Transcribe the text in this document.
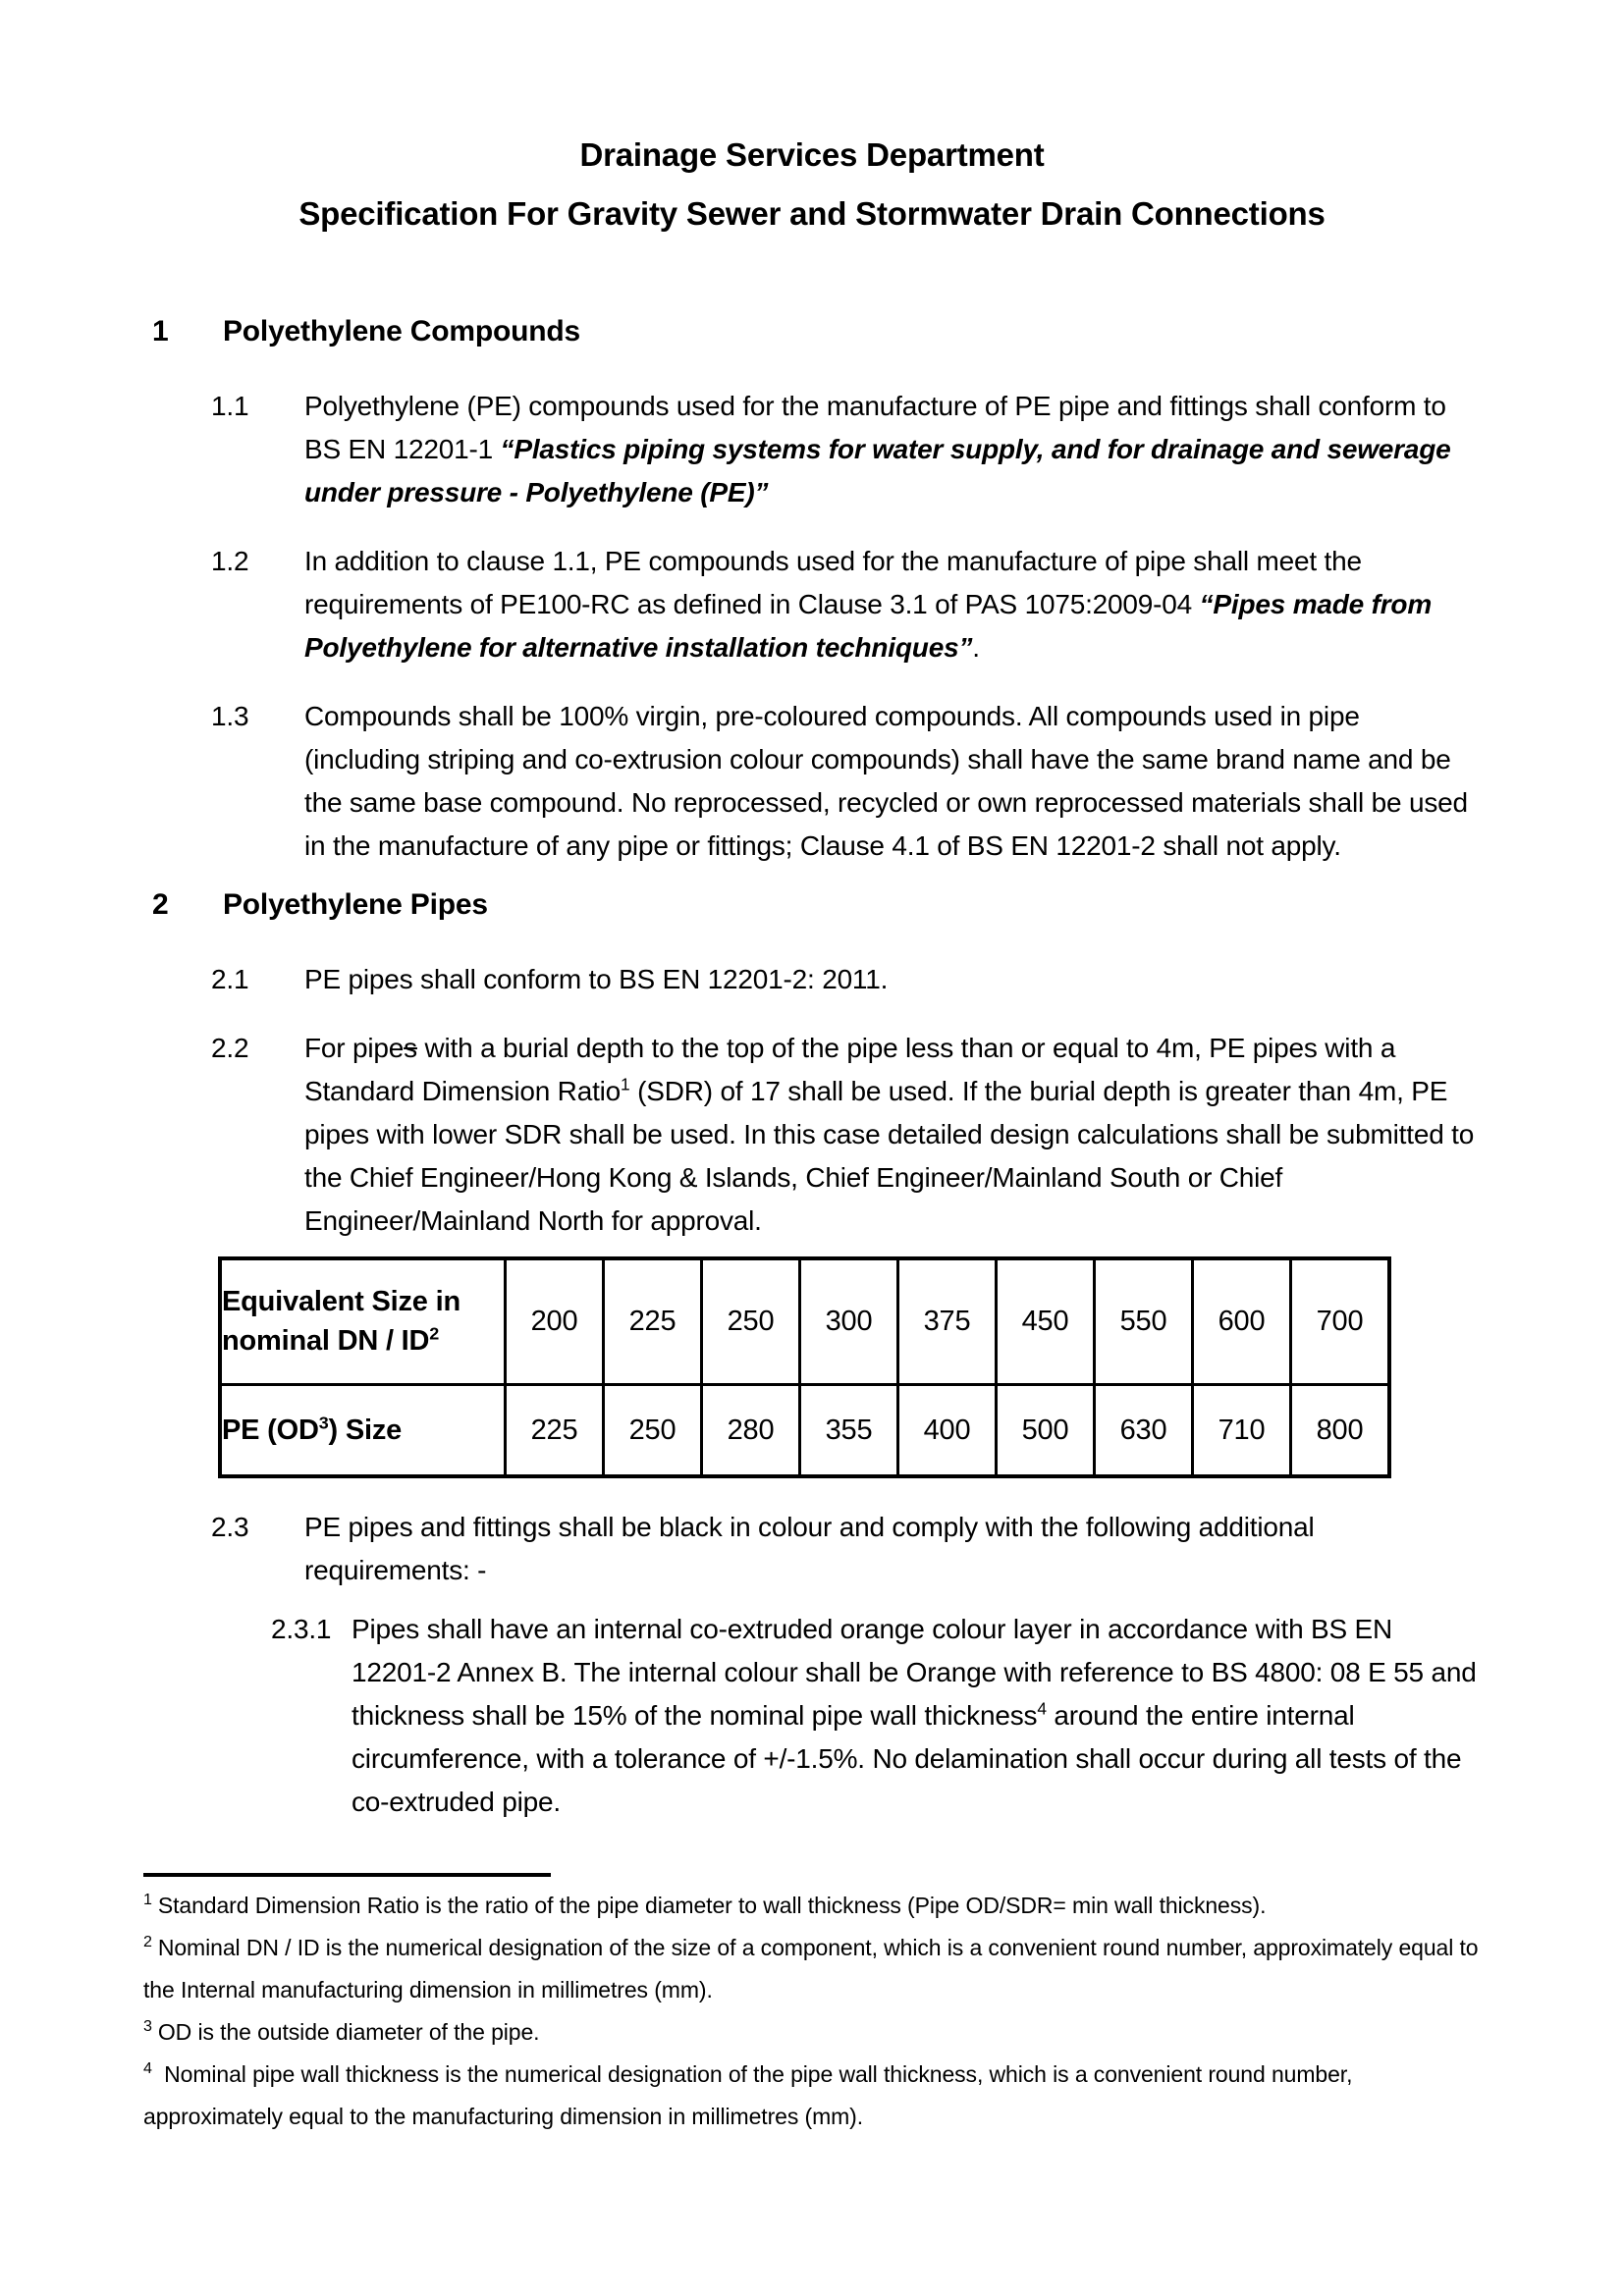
Drainage Services Department
Specification For Gravity Sewer and Stormwater Drain Connections
1	Polyethylene Compounds
1.1 Polyethylene (PE) compounds used for the manufacture of PE pipe and fittings shall conform to BS EN 12201-1 “Plastics piping systems for water supply, and for drainage and sewerage under pressure - Polyethylene (PE)”
1.2 In addition to clause 1.1, PE compounds used for the manufacture of pipe shall meet the requirements of PE100-RC as defined in Clause 3.1 of PAS 1075:2009-04 “Pipes made from Polyethylene for alternative installation techniques”.
1.3 Compounds shall be 100% virgin, pre-coloured compounds. All compounds used in pipe (including striping and co-extrusion colour compounds) shall have the same brand name and be the same base compound. No reprocessed, recycled or own reprocessed materials shall be used in the manufacture of any pipe or fittings; Clause 4.1 of BS EN 12201-2 shall not apply.
2	Polyethylene Pipes
2.1 PE pipes shall conform to BS EN 12201-2: 2011.
2.2 For pipes with a burial depth to the top of the pipe less than or equal to 4m, PE pipes with a Standard Dimension Ratio$^1$ (SDR) of 17 shall be used. If the burial depth is greater than 4m, PE pipes with lower SDR shall be used. In this case detailed design calculations shall be submitted to the Chief Engineer/Hong Kong & Islands, Chief Engineer/Mainland South or Chief Engineer/Mainland North for approval.
Equivalent Size in nominal DN / $ID^2$	200	225	250	300	375	450	550	600	700
PE $(OD^3)$ Size	225	250	280	355	400	500	630	710	800
2.3 PE pipes and fittings shall be black in colour and comply with the following additional requirements: -
2.3.1 Pipes shall have an internal co-extruded orange colour layer in accordance with BS EN 12201-2 Annex B. The internal colour shall be Orange with reference to BS 4800: 08 E 55 and thickness shall be 15% of the nominal pipe wall thickness$^4$ around the entire internal circumference, with a tolerance of +/-1.5%. No delamination shall occur during all tests of the co-extruded pipe.
$^1$ Standard Dimension Ratio is the ratio of the pipe diameter to wall thickness (Pipe OD/SDR= min wall thickness).
$^2$ Nominal DN / ID is the numerical designation of the size of a component, which is a convenient round number, approximately equal to the Internal manufacturing dimension in millimetres (mm).
$^3$ OD is the outside diameter of the pipe.
$^4$ Nominal pipe wall thickness is the numerical designation of the pipe wall thickness, which is a convenient round number, approximately equal to the manufacturing dimension in millimetres (mm).
